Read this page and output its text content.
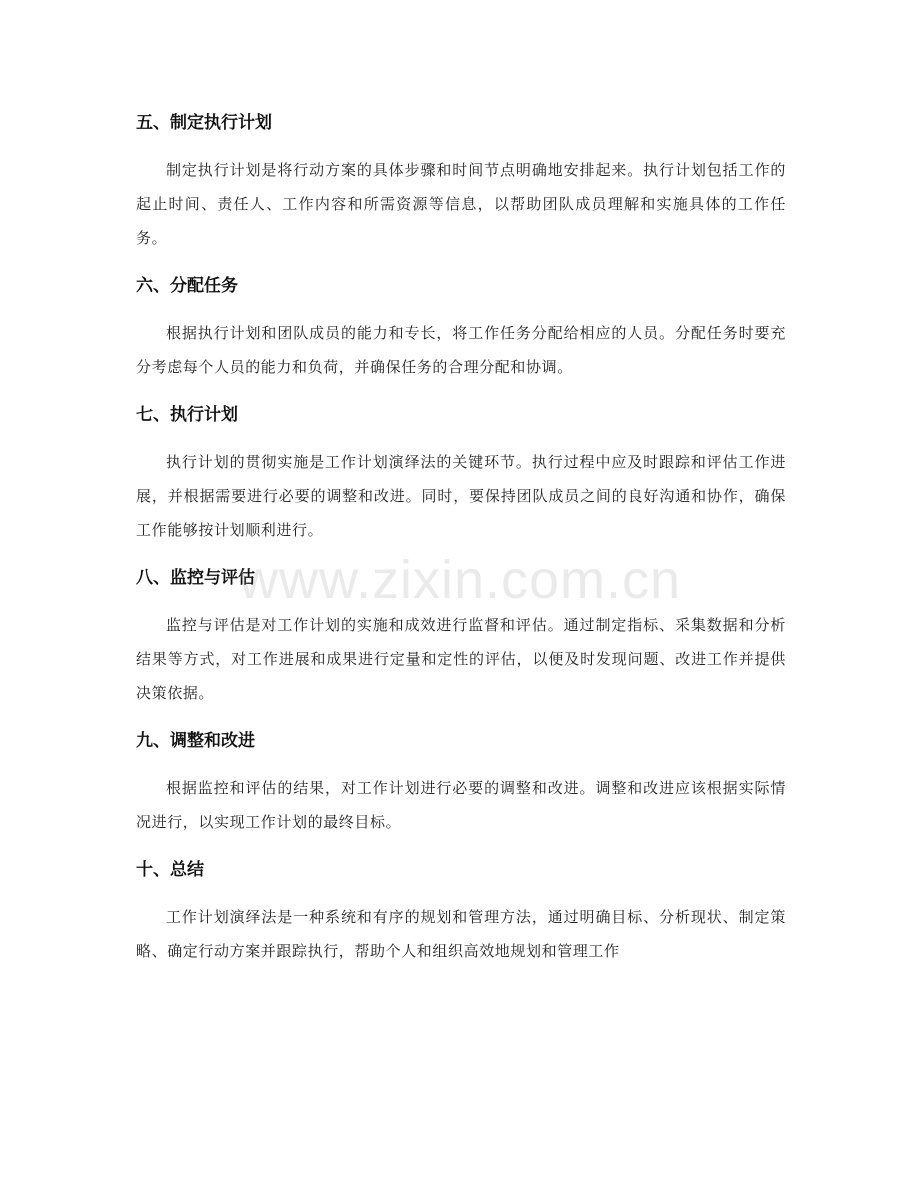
五、制定执行计划

制定执行计划是将行动方案的具体步骤和时间节点明确地安排起来。执行计划包括工作的起止时间、责任人、工作内容和所需资源等信息，以帮助团队成员理解和实施具体的工作任务。

六、分配任务

根据执行计划和团队成员的能力和专长，将工作任务分配给相应的人员。分配任务时要充分考虑每个人员的能力和负荷，并确保任务的合理分配和协调。

七、执行计划

执行计划的贯彻实施是工作计划演绎法的关键环节。执行过程中应及时跟踪和评估工作进展，并根据需要进行必要的调整和改进。同时，要保持团队成员之间的良好沟通和协作，确保工作能够按计划顺利进行。

八、监控与评估

监控与评估是对工作计划的实施和成效进行监督和评估。通过制定指标、采集数据和分析结果等方式，对工作进展和成果进行定量和定性的评估，以便及时发现问题、改进工作并提供决策依据。

九、调整和改进

根据监控和评估的结果，对工作计划进行必要的调整和改进。调整和改进应该根据实际情况进行，以实现工作计划的最终目标。

十、总结

工作计划演绎法是一种系统和有序的规划和管理方法，通过明确目标、分析现状、制定策略、确定行动方案并跟踪执行，帮助个人和组织高效地规划和管理工作

www.zixin.com.cn
